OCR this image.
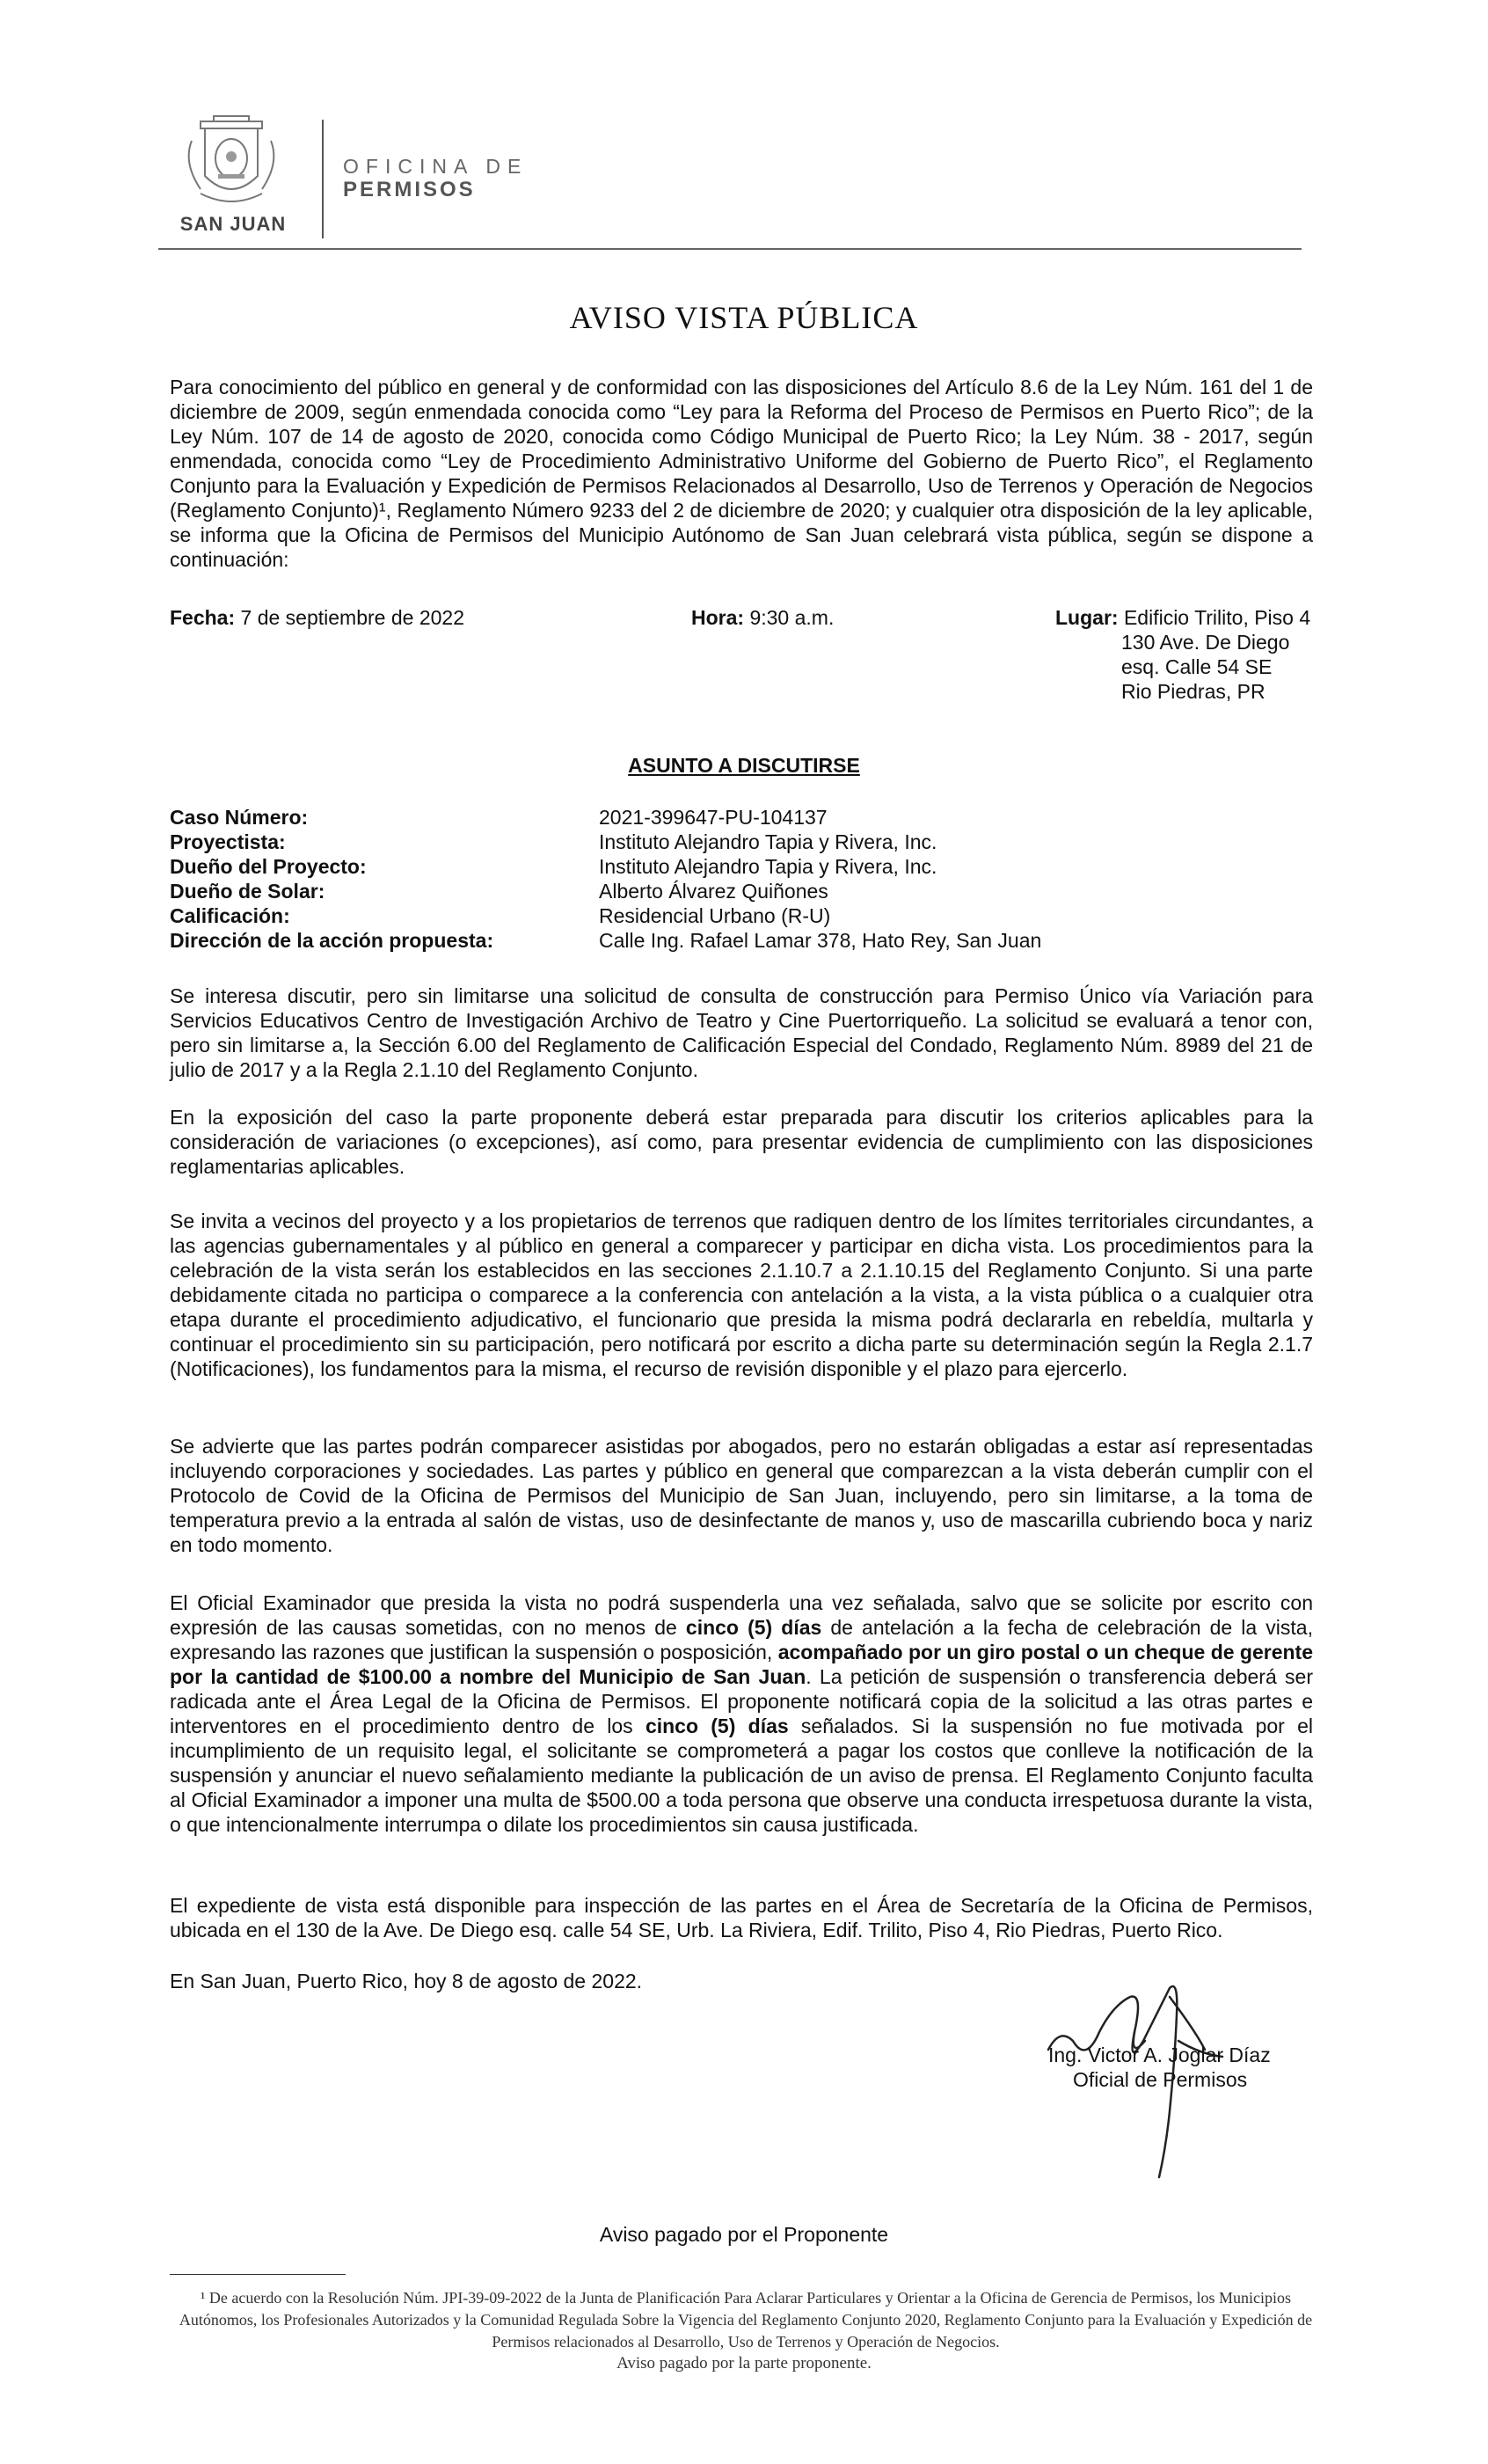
SAN JUAN
OFICINA DE
PERMISOS
AVISO VISTA PÚBLICA

Para conocimiento del público en general y de conformidad con las disposiciones del Artículo 8.6 de la Ley Núm. 161 del 1 de diciembre de 2009, según enmendada conocida como “Ley para la Reforma del Proceso de Permisos en Puerto Rico”; de la Ley Núm. 107 de 14 de agosto de 2020, conocida como Código Municipal de Puerto Rico; la Ley Núm. 38 - 2017, según enmendada, conocida como “Ley de Procedimiento Administrativo Uniforme del Gobierno de Puerto Rico”, el Reglamento Conjunto para la Evaluación y Expedición de Permisos Relacionados al Desarrollo, Uso de Terrenos y Operación de Negocios (Reglamento Conjunto)¹, Reglamento Número 9233 del 2 de diciembre de 2020; y cualquier otra disposición de la ley aplicable, se informa que la Oficina de Permisos del Municipio Autónomo de San Juan celebrará vista pública, según se dispone a continuación:

Fecha: 7 de septiembre de 2022	Hora: 9:30 a.m.	Lugar: Edificio Trilito, Piso 4
130 Ave. De Diego
esq. Calle 54 SE
Rio Piedras, PR
ASUNTO A DISCUTIRSE
Caso Número:	2021-399647-PU-104137
Proyectista:	Instituto Alejandro Tapia y Rivera, Inc.
Dueño del Proyecto:	Instituto Alejandro Tapia y Rivera, Inc.
Dueño de Solar:	Alberto Álvarez Quiñones
Calificación:	Residencial Urbano (R-U)
Dirección de la acción propuesta:	Calle Ing. Rafael Lamar 378, Hato Rey, San Juan

Se interesa discutir, pero sin limitarse una solicitud de consulta de construcción para Permiso Único vía Variación para Servicios Educativos Centro de Investigación Archivo de Teatro y Cine Puertorriqueño. La solicitud se evaluará a tenor con, pero sin limitarse a, la Sección 6.00 del Reglamento de Calificación Especial del Condado, Reglamento Núm. 8989 del 21 de julio de 2017 y a la Regla 2.1.10 del Reglamento Conjunto.

En la exposición del caso la parte proponente deberá estar preparada para discutir los criterios aplicables para la consideración de variaciones (o excepciones), así como, para presentar evidencia de cumplimiento con las disposiciones reglamentarias aplicables.

Se invita a vecinos del proyecto y a los propietarios de terrenos que radiquen dentro de los límites territoriales circundantes, a las agencias gubernamentales y al público en general a comparecer y participar en dicha vista. Los procedimientos para la celebración de la vista serán los establecidos en las secciones 2.1.10.7 a 2.1.10.15 del Reglamento Conjunto. Si una parte debidamente citada no participa o comparece a la conferencia con antelación a la vista, a la vista pública o a cualquier otra etapa durante el procedimiento adjudicativo, el funcionario que presida la misma podrá declararla en rebeldía, multarla y continuar el procedimiento sin su participación, pero notificará por escrito a dicha parte su determinación según la Regla 2.1.7 (Notificaciones), los fundamentos para la misma, el recurso de revisión disponible y el plazo para ejercerlo.

Se advierte que las partes podrán comparecer asistidas por abogados, pero no estarán obligadas a estar así representadas incluyendo corporaciones y sociedades. Las partes y público en general que comparezcan a la vista deberán cumplir con el Protocolo de Covid de la Oficina de Permisos del Municipio de San Juan, incluyendo, pero sin limitarse, a la toma de temperatura previo a la entrada al salón de vistas, uso de desinfectante de manos y, uso de mascarilla cubriendo boca y nariz en todo momento.

El Oficial Examinador que presida la vista no podrá suspenderla una vez señalada, salvo que se solicite por escrito con expresión de las causas sometidas, con no menos de cinco (5) días de antelación a la fecha de celebración de la vista, expresando las razones que justifican la suspensión o posposición, acompañado por un giro postal o un cheque de gerente por la cantidad de $100.00 a nombre del Municipio de San Juan. La petición de suspensión o transferencia deberá ser radicada ante el Área Legal de la Oficina de Permisos. El proponente notificará copia de la solicitud a las otras partes e interventores en el procedimiento dentro de los cinco (5) días señalados. Si la suspensión no fue motivada por el incumplimiento de un requisito legal, el solicitante se comprometerá a pagar los costos que conlleve la notificación de la suspensión y anunciar el nuevo señalamiento mediante la publicación de un aviso de prensa. El Reglamento Conjunto faculta al Oficial Examinador a imponer una multa de $500.00 a toda persona que observe una conducta irrespetuosa durante la vista, o que intencionalmente interrumpa o dilate los procedimientos sin causa justificada.

El expediente de vista está disponible para inspección de las partes en el Área de Secretaría de la Oficina de Permisos, ubicada en el 130 de la Ave. De Diego esq. calle 54 SE, Urb. La Riviera, Edif. Trilito, Piso 4, Rio Piedras, Puerto Rico.

En San Juan, Puerto Rico, hoy 8 de agosto de 2022.

Ing. Victor A. Joglar Díaz
Oficial de Permisos
Aviso pagado por el Proponente
¹ De acuerdo con la Resolución Núm. JPI-39-09-2022 de la Junta de Planificación Para Aclarar Particulares y Orientar a la Oficina de Gerencia de Permisos, los Municipios Autónomos, los Profesionales Autorizados y la Comunidad Regulada Sobre la Vigencia del Reglamento Conjunto 2020, Reglamento Conjunto para la Evaluación y Expedición de Permisos relacionados al Desarrollo, Uso de Terrenos y Operación de Negocios.
Aviso pagado por la parte proponente.
